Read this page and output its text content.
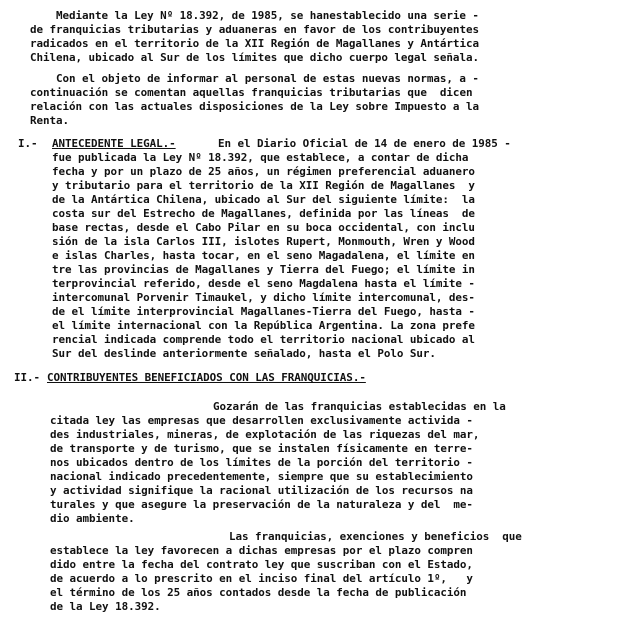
Mediante la Ley Nº 18.392, de 1985, se hanestablecido una serie -
de franquicias tributarias y aduaneras en favor de los contribuyentes
radicados en el territorio de la XII Región de Magallanes y Antártica
Chilena, ubicado al Sur de los límites que dicho cuerpo legal señala.
Con el objeto de informar al personal de estas nuevas normas, a -
continuación se comentan aquellas franquicias tributarias que  dicen
relación con las actuales disposiciones de la Ley sobre Impuesto a la
Renta.
I.- ANTECEDENTE LEGAL.-	En el Diario Oficial de 14 de enero de 1985 -
fue publicada la Ley Nº 18.392, que establece, a contar de dicha
fecha y por un plazo de 25 años, un régimen preferencial aduanero
y tributario para el territorio de la XII Región de Magallanes  y
de la Antártica Chilena, ubicado al Sur del siguiente límite:  la
costa sur del Estrecho de Magallanes, definida por las líneas  de
base rectas, desde el Cabo Pilar en su boca occidental, con inclu
sión de la isla Carlos III, islotes Rupert, Monmouth, Wren y Wood
e islas Charles, hasta tocar, en el seno Magadalena, el límite en
tre las provincias de Magallanes y Tierra del Fuego; el límite in
terprovincial referido, desde el seno Magdalena hasta el límite -
intercomunal Porvenir Timaukel, y dicho límite intercomunal, des-
de el límite interprovincial Magallanes-Tierra del Fuego, hasta -
el límite internacional con la República Argentina. La zona prefe
rencial indicada comprende todo el territorio nacional ubicado al
Sur del deslinde anteriormente señalado, hasta el Polo Sur.
II.- CONTRIBUYENTES BENEFICIADOS CON LAS FRANQUICIAS.-
Gozarán de las franquicias establecidas en la
citada ley las empresas que desarrollen exclusivamente activida -
des industriales, mineras, de explotación de las riquezas del mar,
de transporte y de turismo, que se instalen físicamente en terre-
nos ubicados dentro de los límites de la porción del territorio -
nacional indicado precedentemente, siempre que su establecimiento
y actividad signifique la racional utilización de los recursos na
turales y que asegure la preservación de la naturaleza y del  me-
dio ambiente.
Las franquicias, exenciones y beneficios  que
establece la ley favorecen a dichas empresas por el plazo compren
dido entre la fecha del contrato ley que suscriban con el Estado,
de acuerdo a lo prescrito en el inciso final del artículo 1º,   y
el término de los 25 años contados desde la fecha de publicación
de la Ley 18.392.
